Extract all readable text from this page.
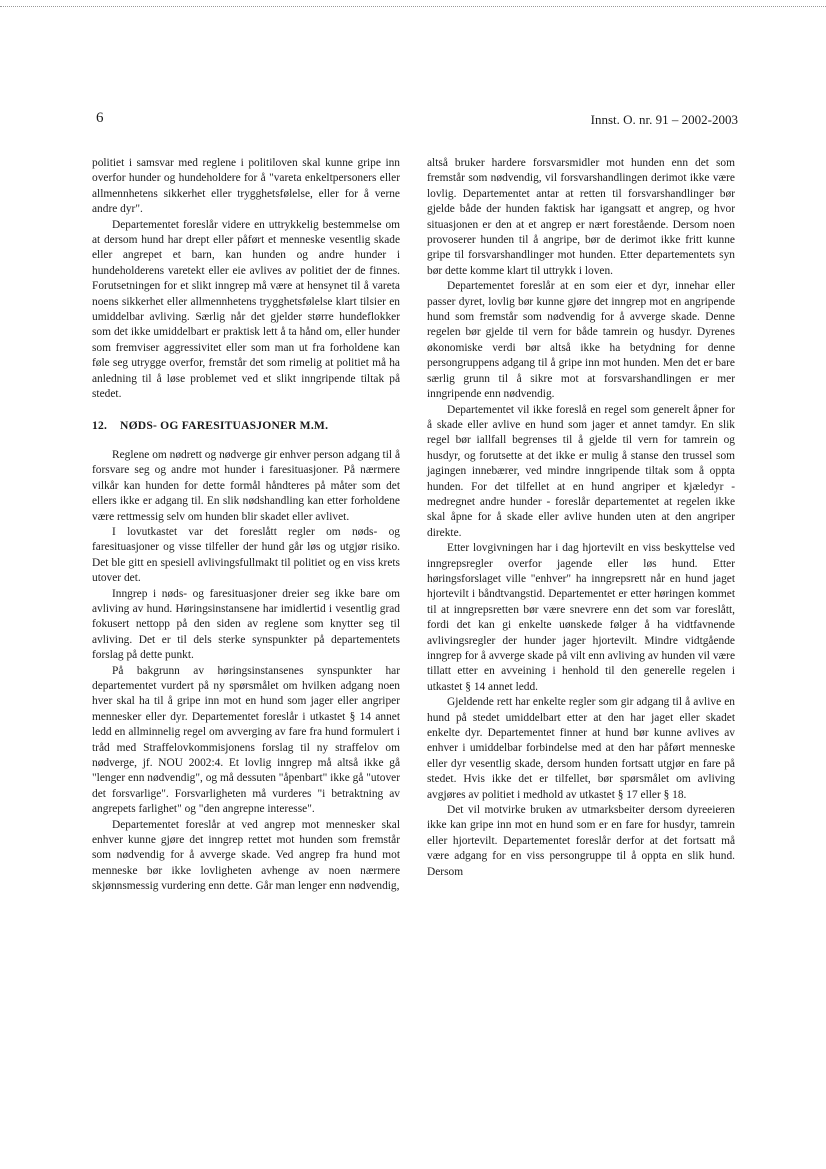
6	Innst. O. nr. 91 – 2002-2003

politiet i samsvar med reglene i politiloven skal kunne gripe inn overfor hunder og hundeholdere for å "vareta enkeltpersoners eller allmennhetens sikkerhet eller trygghetsfølelse, eller for å verne andre dyr".

Departementet foreslår videre en uttrykkelig bestemmelse om at dersom hund har drept eller påført et menneske vesentlig skade eller angrepet et barn, kan hunden og andre hunder i hundeholderens varetekt eller eie avlives av politiet der de finnes. Forutsetningen for et slikt inngrep må være at hensynet til å vareta noens sikkerhet eller allmennhetens trygghetsfølelse klart tilsier en umiddelbar avliving. Særlig når det gjelder større hundeflokker som det ikke umiddelbart er praktisk lett å ta hånd om, eller hunder som fremviser aggressivitet eller som man ut fra forholdene kan føle seg utrygge overfor, fremstår det som rimelig at politiet må ha anledning til å løse problemet ved et slikt inngripende tiltak på stedet.

12. NØDS- OG FARESITUASJONER M.M.

Reglene om nødrett og nødverge gir enhver person adgang til å forsvare seg og andre mot hunder i faresituasjoner. På nærmere vilkår kan hunden for dette formål håndteres på måter som det ellers ikke er adgang til. En slik nødshandling kan etter forholdene være rettmessig selv om hunden blir skadet eller avlivet.

I lovutkastet var det foreslått regler om nøds- og faresituasjoner og visse tilfeller der hund går løs og utgjør risiko. Det ble gitt en spesiell avlivingsfullmakt til politiet og en viss krets utover det.

Inngrep i nøds- og faresituasjoner dreier seg ikke bare om avliving av hund. Høringsinstansene har imidlertid i vesentlig grad fokusert nettopp på den siden av reglene som knytter seg til avliving. Det er til dels sterke synspunkter på departementets forslag på dette punkt.

På bakgrunn av høringsinstansenes synspunkter har departementet vurdert på ny spørsmålet om hvilken adgang noen hver skal ha til å gripe inn mot en hund som jager eller angriper mennesker eller dyr. Departementet foreslår i utkastet § 14 annet ledd en allminnelig regel om avverging av fare fra hund formulert i tråd med Straffelovkommisjonens forslag til ny straffelov om nødverge, jf. NOU 2002:4. Et lovlig inngrep må altså ikke gå "lenger enn nødvendig", og må dessuten "åpenbart" ikke gå "utover det forsvarlige". Forsvarligheten må vurderes "i betraktning av angrepets farlighet" og "den angrepne interesse".

Departementet foreslår at ved angrep mot mennesker skal enhver kunne gjøre det inngrep rettet mot hunden som fremstår som nødvendig for å avverge skade. Ved angrep fra hund mot menneske bør ikke lovligheten avhenge av noen nærmere skjønnsmessig vurdering enn dette. Går man lenger enn nødvendig,

altså bruker hardere forsvarsmidler mot hunden enn det som fremstår som nødvendig, vil forsvarshandlingen derimot ikke være lovlig. Departementet antar at retten til forsvarshandlinger bør gjelde både der hunden faktisk har igangsatt et angrep, og hvor situasjonen er den at et angrep er nært forestående. Dersom noen provoserer hunden til å angripe, bør de derimot ikke fritt kunne gripe til forsvarshandlinger mot hunden. Etter departementets syn bør dette komme klart til uttrykk i loven.

Departementet foreslår at en som eier et dyr, innehar eller passer dyret, lovlig bør kunne gjøre det inngrep mot en angripende hund som fremstår som nødvendig for å avverge skade. Denne regelen bør gjelde til vern for både tamrein og husdyr. Dyrenes økonomiske verdi bør altså ikke ha betydning for denne persongruppens adgang til å gripe inn mot hunden. Men det er bare særlig grunn til å sikre mot at forsvarshandlingen er mer inngripende enn nødvendig.

Departementet vil ikke foreslå en regel som generelt åpner for å skade eller avlive en hund som jager et annet tamdyr. En slik regel bør iallfall begrenses til å gjelde til vern for tamrein og husdyr, og forutsette at det ikke er mulig å stanse den trussel som jagingen innebærer, ved mindre inngripende tiltak som å oppta hunden. For det tilfellet at en hund angriper et kjæledyr - medregnet andre hunder - foreslår departementet at regelen ikke skal åpne for å skade eller avlive hunden uten at den angriper direkte.

Etter lovgivningen har i dag hjortevilt en viss beskyttelse ved inngrepsregler overfor jagende eller løs hund. Etter høringsforslaget ville "enhver" ha inngrepsrett når en hund jaget hjortevilt i båndtvangstid. Departementet er etter høringen kommet til at inngrepsretten bør være snevrere enn det som var foreslått, fordi det kan gi enkelte uønskede følger å ha vidtfavnende avlivingsregler der hunder jager hjortevilt. Mindre vidtgående inngrep for å avverge skade på vilt enn avliving av hunden vil være tillatt etter en avveining i henhold til den generelle regelen i utkastet § 14 annet ledd.

Gjeldende rett har enkelte regler som gir adgang til å avlive en hund på stedet umiddelbart etter at den har jaget eller skadet enkelte dyr. Departementet finner at hund bør kunne avlives av enhver i umiddelbar forbindelse med at den har påført menneske eller dyr vesentlig skade, dersom hunden fortsatt utgjør en fare på stedet. Hvis ikke det er tilfellet, bør spørsmålet om avliving avgjøres av politiet i medhold av utkastet § 17 eller § 18.

Det vil motvirke bruken av utmarksbeiter dersom dyreeieren ikke kan gripe inn mot en hund som er en fare for husdyr, tamrein eller hjortevilt. Departementet foreslår derfor at det fortsatt må være adgang for en viss persongruppe til å oppta en slik hund. Dersom
